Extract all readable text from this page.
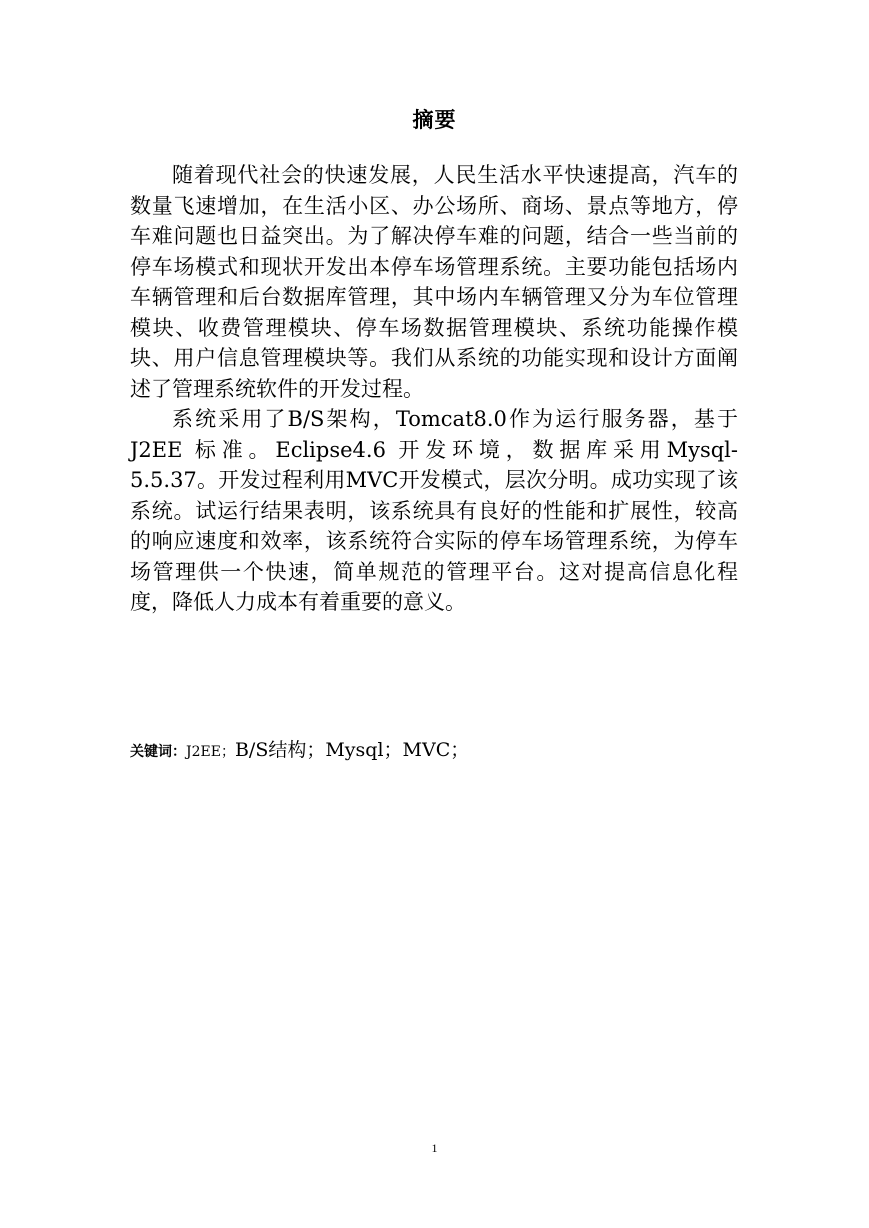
摘要

随着现代社会的快速发展，人民生活水平快速提高，汽车的数量飞速增加，在生活小区、办公场所、商场、景点等地方，停车难问题也日益突出。为了解决停车难的问题，结合一些当前的停车场模式和现状开发出本停车场管理系统。主要功能包括场内车辆管理和后台数据库管理，其中场内车辆管理又分为车位管理模块、收费管理模块、停车场数据管理模块、系统功能操作模块、用户信息管理模块等。我们从系统的功能实现和设计方面阐述了管理系统软件的开发过程。

系统采用了B/S架构，Tomcat8.0作为运行服务器，基于 J2EE 标准。Eclipse4.6 开发环境，数据库采用Mysql-5.5.37。开发过程利用MVC开发模式，层次分明。成功实现了该系统。试运行结果表明，该系统具有良好的性能和扩展性，较高的响应速度和效率，该系统符合实际的停车场管理系统，为停车场管理供一个快速，简单规范的管理平台。这对提高信息化程度，降低人力成本有着重要的意义。

关键词：J2EE；B/S结构；Mysql；MVC；
1
